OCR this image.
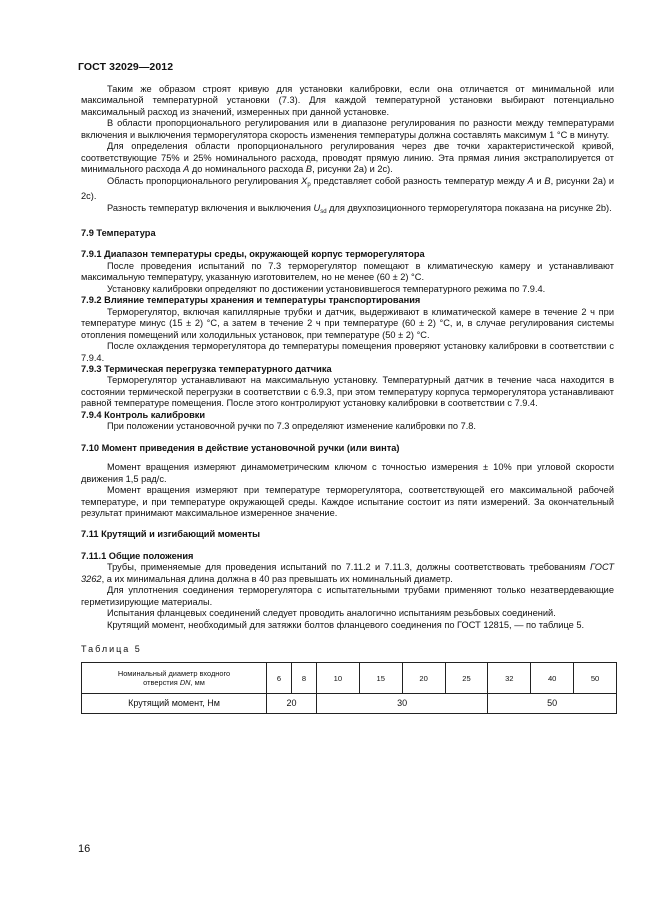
ГОСТ 32029—2012

Таким же образом строят кривую для установки калибровки, если она отличается от минимальной или максимальной температурной установки (7.3). Для каждой температурной установки выбирают потенциально максимальный расход из значений, измеренных при данной установке.

В области пропорционального регулирования или в диапазоне регулирования по разности между температурами включения и выключения терморегулятора скорость изменения температуры должна составлять максимум 1 °С в минуту.

Для определения области пропорционального регулирования через две точки характеристической кривой, соответствующие 75% и 25% номинального расхода, проводят прямую линию. Эта прямая линия экстраполируется от минимального расхода А до номинального расхода В, рисунки 2а) и 2с).

Область пропорционального регулирования $X_p$ представляет собой разность температур между А и В, рисунки 2а) и 2с).

Разность температур включения и выключения $U_{sd}$ для двухпозиционного терморегулятора показана на рисунке 2b).

7.9 Температура

7.9.1 Диапазон температуры среды, окружающей корпус терморегулятора

После проведения испытаний по 7.3 терморегулятор помещают в климатическую камеру и устанавливают максимальную температуру, указанную изготовителем, но не менее (60 ± 2) °С.

Установку калибровки определяют по достижении установившегося температурного режима по 7.9.4.

7.9.2 Влияние температуры хранения и температуры транспортирования

Терморегулятор, включая капиллярные трубки и датчик, выдерживают в климатической камере в течение 2 ч при температуре минус (15 ± 2) °С, а затем в течение 2 ч при температуре (60 ± 2) °С, и, в случае регулирования системы отопления помещений или холодильных установок, при температуре (50 ± 2) °С.

После охлаждения терморегулятора до температуры помещения проверяют установку калибровки в соответствии с 7.9.4.

7.9.3 Термическая перегрузка температурного датчика

Терморегулятор устанавливают на максимальную установку. Температурный датчик в течение часа находится в состоянии термической перегрузки в соответствии с 6.9.3, при этом температуру корпуса терморегулятора устанавливают равной температуре помещения. После этого контролируют установку калибровки в соответствии с 7.9.4.

7.9.4 Контроль калибровки

При положении установочной ручки по 7.3 определяют изменение калибровки по 7.8.

7.10 Момент приведения в действие установочной ручки (или винта)

Момент вращения измеряют динамометрическим ключом с точностью измерения ± 10% при угловой скорости движения 1,5 рад/с.

Момент вращения измеряют при температуре терморегулятора, соответствующей его максимальной рабочей температуре, и при температуре окружающей среды. Каждое испытание состоит из пяти измерений. За окончательный результат принимают максимальное измеренное значение.

7.11 Крутящий и изгибающий моменты

7.11.1 Общие положения

Трубы, применяемые для проведения испытаний по 7.11.2 и 7.11.3, должны соответствовать требованиям ГОСТ 3262, а их минимальная длина должна в 40 раз превышать их номинальный диаметр.

Для уплотнения соединения терморегулятора с испытательными трубами применяют только незатвердевающие герметизирующие материалы.

Испытания фланцевых соединений следует проводить аналогично испытаниям резьбовых соединений.

Крутящий момент, необходимый для затяжки болтов фланцевого соединения по ГОСТ 12815, — по таблице 5.

Таблица 5

Номинальный диаметр входного
отверстия DN, мм	6	8	10	15	20	25	32	40	50
Крутящий момент, Нм	20		30				50		
16
